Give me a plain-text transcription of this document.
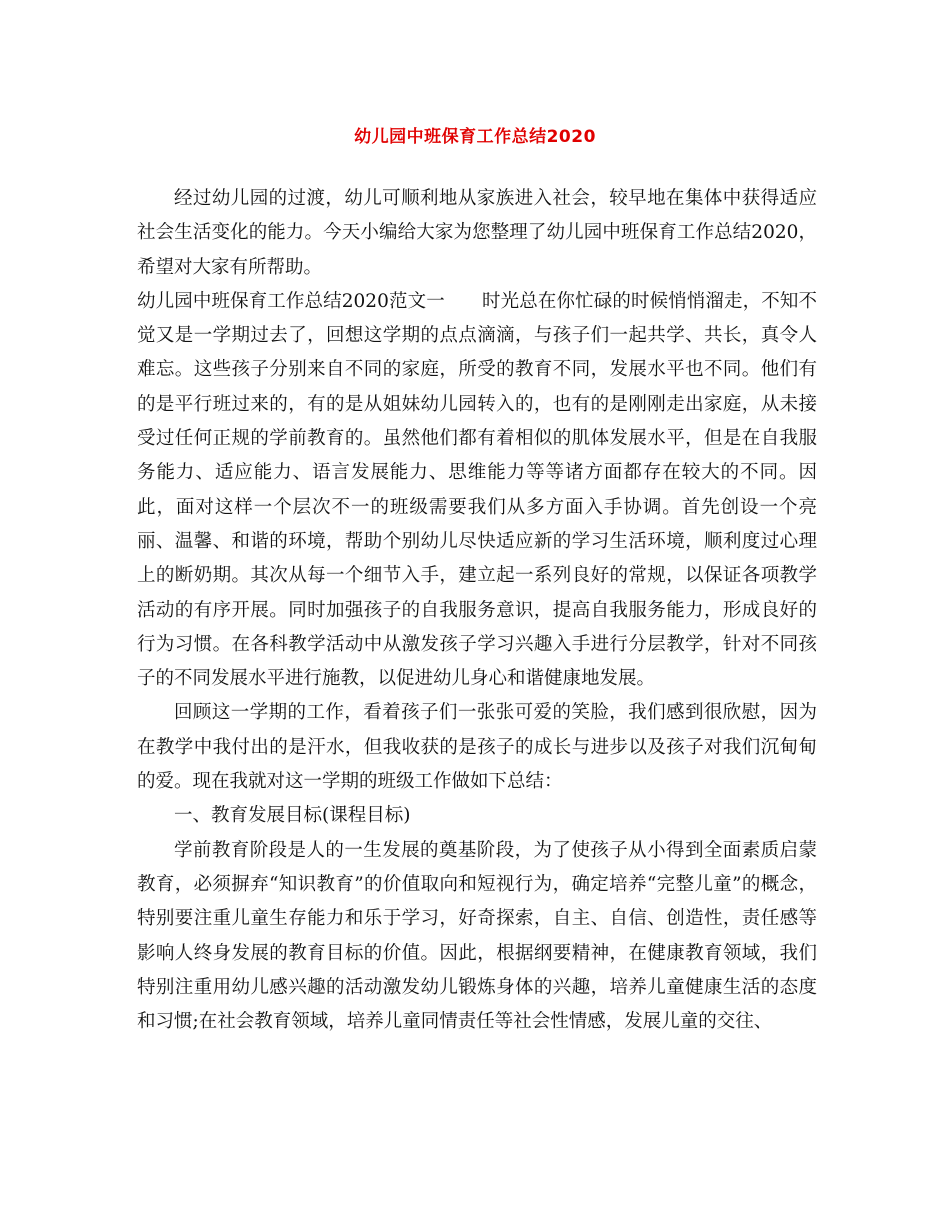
幼儿园中班保育工作总结2020

经过幼儿园的过渡，幼儿可顺利地从家族进入社会，较早地在集体中获得适应社会生活变化的能力。今天小编给大家为您整理了幼儿园中班保育工作总结2020，希望对大家有所帮助。

幼儿园中班保育工作总结2020范文一　　时光总在你忙碌的时候悄悄溜走，不知不觉又是一学期过去了，回想这学期的点点滴滴，与孩子们一起共学、共长，真令人难忘。这些孩子分别来自不同的家庭，所受的教育不同，发展水平也不同。他们有的是平行班过来的，有的是从姐妹幼儿园转入的，也有的是刚刚走出家庭，从未接受过任何正规的学前教育的。虽然他们都有着相似的肌体发展水平，但是在自我服务能力、适应能力、语言发展能力、思维能力等等诸方面都存在较大的不同。因此，面对这样一个层次不一的班级需要我们从多方面入手协调。首先创设一个亮丽、温馨、和谐的环境，帮助个别幼儿尽快适应新的学习生活环境，顺利度过心理上的断奶期。其次从每一个细节入手，建立起一系列良好的常规，以保证各项教学活动的有序开展。同时加强孩子的自我服务意识，提高自我服务能力，形成良好的行为习惯。在各科教学活动中从激发孩子学习兴趣入手进行分层教学，针对不同孩子的不同发展水平进行施教，以促进幼儿身心和谐健康地发展。

回顾这一学期的工作，看着孩子们一张张可爱的笑脸，我们感到很欣慰，因为在教学中我付出的是汗水，但我收获的是孩子的成长与进步以及孩子对我们沉甸甸的爱。现在我就对这一学期的班级工作做如下总结：

一、教育发展目标(课程目标)

学前教育阶段是人的一生发展的奠基阶段，为了使孩子从小得到全面素质启蒙教育，必须摒弃“知识教育”的价值取向和短视行为，确定培养“完整儿童”的概念，特别要注重儿童生存能力和乐于学习，好奇探索，自主、自信、创造性，责任感等影响人终身发展的教育目标的价值。因此，根据纲要精神，在健康教育领域，我们特别注重用幼儿感兴趣的活动激发幼儿锻炼身体的兴趣，培养儿童健康生活的态度和习惯;在社会教育领域，培养儿童同情责任等社会性情感，发展儿童的交往、
